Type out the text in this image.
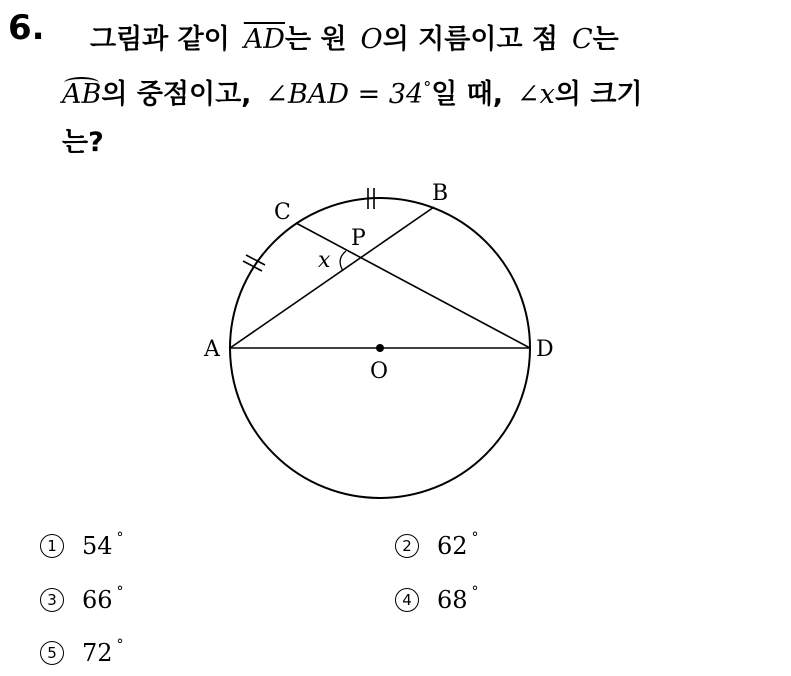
6. 그림과 같이 $\overline{AD}$는 원 O의 지름이고 점 C는
AB의 중점이고, ∠BAD = 34°일 때, ∠x의 크기
는?
A
B
C
D
O
P
x
1 54 °	2 62 °
3 66 °	4 68 °
5 72 °
